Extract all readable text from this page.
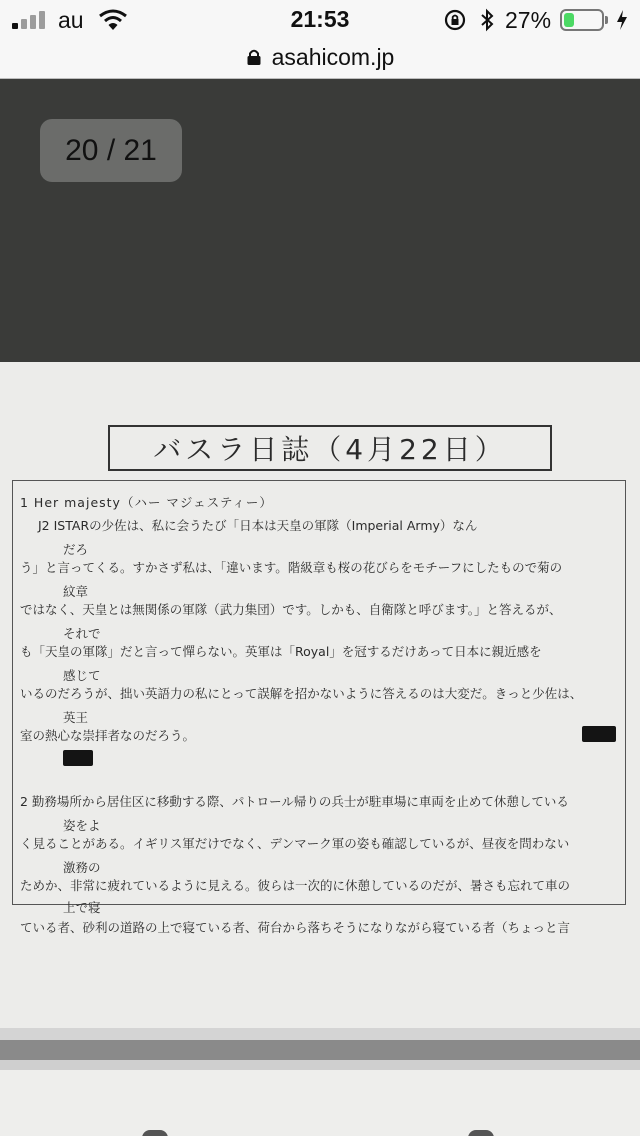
au	21:53	27%
asahicom.jp
20 / 21
バスラ日誌（4月22日）
1 Her majesty（ハー マジェスティー）
J2 ISTARの少佐は、私に会うたび「日本は天皇の軍隊（Imperial Army）なん
だろ
う」と言ってくる。すかさず私は、「違います。階級章も桜の花びらをモチーフにしたもので菊の
紋章
ではなく、天皇とは無関係の軍隊（武力集団）です。しかも、自衛隊と呼びます。」と答えるが、
それで
も「天皇の軍隊」だと言って憚らない。英軍は「Royal」を冠するだけあって日本に親近感を
感じて
いるのだろうが、拙い英語力の私にとって誤解を招かないように答えるのは大変だ。きっと少佐は、
英王
室の熱心な崇拝者なのだろう。
2 勤務場所から居住区に移動する際、パトロール帰りの兵士が駐車場に車両を止めて休憩している
姿をよ
く見ることがある。イギリス軍だけでなく、デンマーク軍の姿も確認しているが、昼夜を問わない
激務の
ためか、非常に疲れているように見える。彼らは一次的に休憩しているのだが、暑さも忘れて車の
上で寝
ている者、砂利の道路の上で寝ている者、荷台から落ちそうになりながら寝ている者（ちょっと言
